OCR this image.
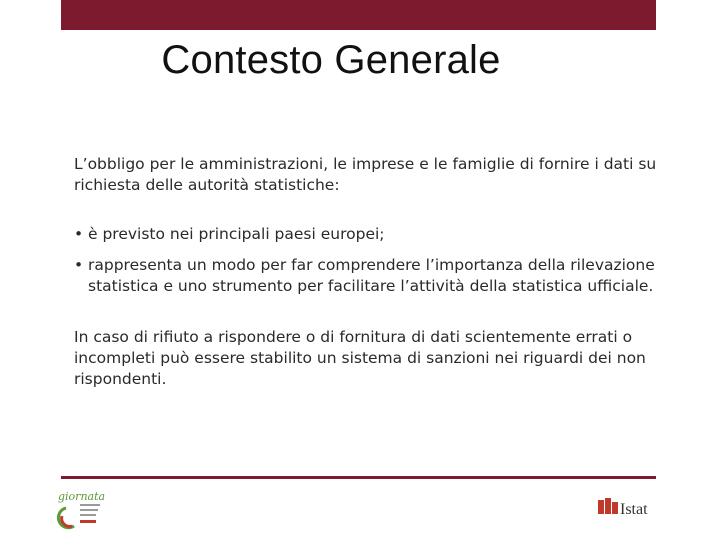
Contesto Generale

L’obbligo per le amministrazioni, le imprese e le famiglie di fornire i dati su richiesta delle autorità statistiche:

• è previsto nei principali paesi europei;
• rappresenta un modo per far comprendere l’importanza della rilevazione statistica e uno strumento per facilitare l’attività della statistica ufficiale.

In caso di rifiuto a rispondere o di fornitura di dati scientemente errati o incompleti può essere stabilito un sistema di sanzioni nei riguardi dei non rispondenti.

giornata
Istat
